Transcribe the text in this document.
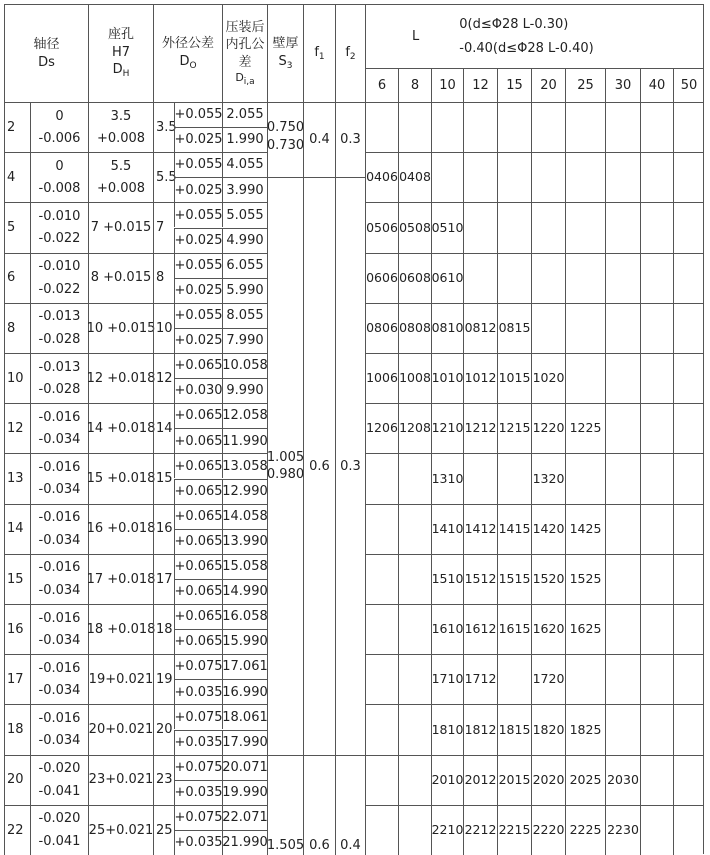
轴径
Ds
座孔
H7
$D_H$
外径公差
$D_O$
压装后
内孔公
差
$D_{i,a}$
壁厚
$S_3$
$f_1$ $f_2$
L
0(d≤Φ28 L-0.30)
-0.40(d≤Φ28 L-0.40)
6 8 10 12 15 20 25 30 40 50
2
0
-0.006
3.5
+0.008
3.5
+0.055
+0.025
2.055
1.990
4
0
-0.008
5.5
+0.008
5.5
+0.055
+0.025
4.055
3.990
0406 0408
5
-0.010
-0.022
7 +0.015 7
+0.055
+0.025
5.055
4.990
0506 0508 0510
6
-0.010
-0.022
8 +0.015 8
+0.055
+0.025
6.055
5.990
0606 0608 0610
8
-0.013
-0.028
10 +0.015 10
+0.055
+0.025
8.055
7.990
0806 0808 0810 0812 0815
10
-0.013
-0.028
12 +0.018 12
+0.065
+0.030
10.058
9.990
1006 1008 1010 1012 1015 1020
12
-0.016
-0.034
14 +0.018 14
+0.065
+0.065
12.058
11.990
1206 1208 1210 1212 1215 1220 1225
13
-0.016
-0.034
15 +0.018 15
+0.065
+0.065
13.058
12.990
1310	1320
14
-0.016
-0.034
16 +0.018 16
+0.065
+0.065
14.058
13.990
1410 1412 1415 1420 1425
15
-0.016
-0.034
17 +0.018 17
+0.065
+0.065
15.058
14.990
1510 1512 1515 1520 1525
16
-0.016
-0.034
18 +0.018 18
+0.065
+0.065
16.058
15.990
1610 1612 1615 1620 1625
17
-0.016
-0.034
19+0.021 19
+0.075
+0.035
17.061
16.990
1710 1712	1720
18
-0.016
-0.034
20+0.021 20
+0.075
+0.035
18.061
17.990
1810 1812 1815 1820 1825
20
-0.020
-0.041
23+0.021 23
+0.075
+0.035
20.071
19.990
2010 2012 2015 2020 2025 2030
22
-0.020
-0.041
25+0.021 25
+0.075
+0.035
22.071
21.990
2210 2212 2215 2220 2225 2230
0.750
0.730 0.4 0.3
1.005
0.980
0.6 0.3
1.505 0.6 0.4
